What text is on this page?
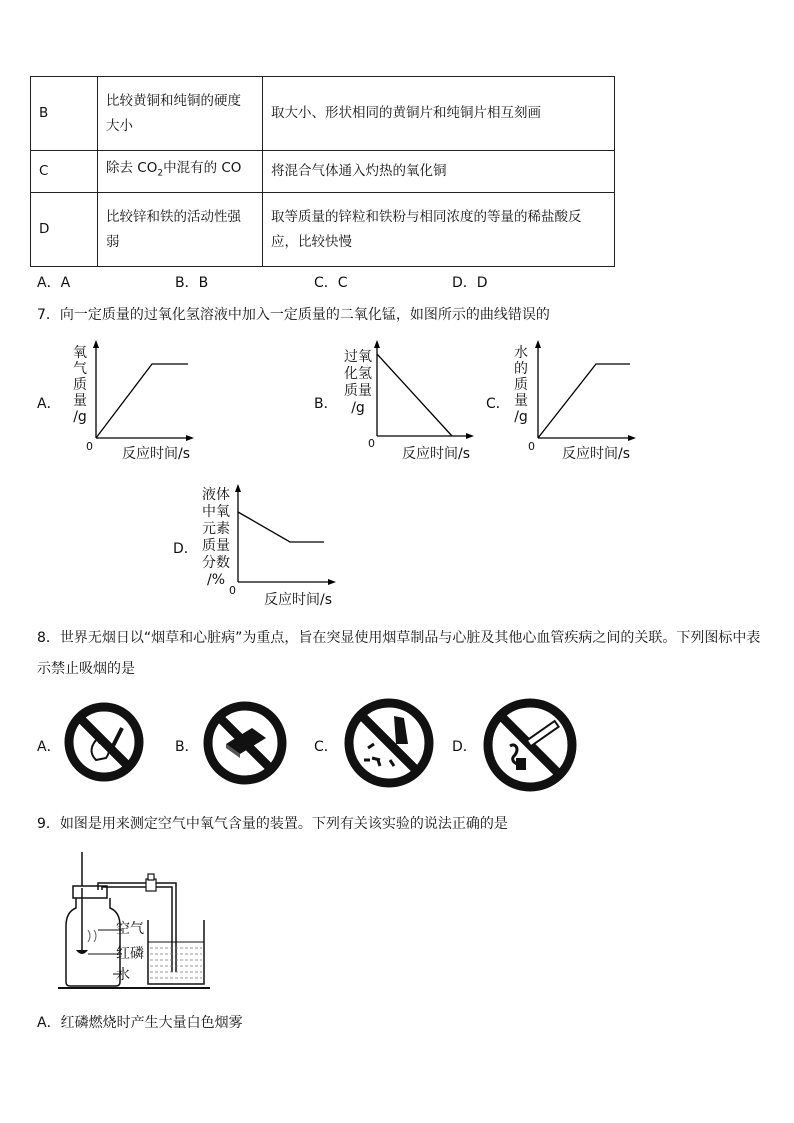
B	比较黄铜和纯铜的硬度大小	取大小、形状相同的黄铜片和纯铜片相互刻画
C	除去 $CO_2$中混有的 CO	将混合气体通入灼热的氧化铜
D	比较锌和铁的活动性强弱	取等质量的锌粒和铁粉与相同浓度的等量的稀盐酸反应，比较快慢
A．A	B．B	C．C	D．D
7．向一定质量的过氧化氢溶液中加入一定质量的二氧化锰，如图所示的曲线错误的
A．
氧
气
质
量
/g
0 反应时间/s
B．
过氧
化氢
质量
/g
0
反应时间/s
C．
水
的
质
量
/g
0 反应时间/s
D．
液体
中氧
元素
质量
分数
/%
0
反应时间/s
8．世界无烟日以“烟草和心脏病”为重点，旨在突显使用烟草制品与心脏及其他心血管疾病之间的关联。下列图标中表
示禁止吸烟的是
A．	B．	C．	D．
9．如图是用来测定空气中氧气含量的装置。下列有关该实验的说法正确的是
空气
红磷
水
A．红磷燃烧时产生大量白色烟雾
